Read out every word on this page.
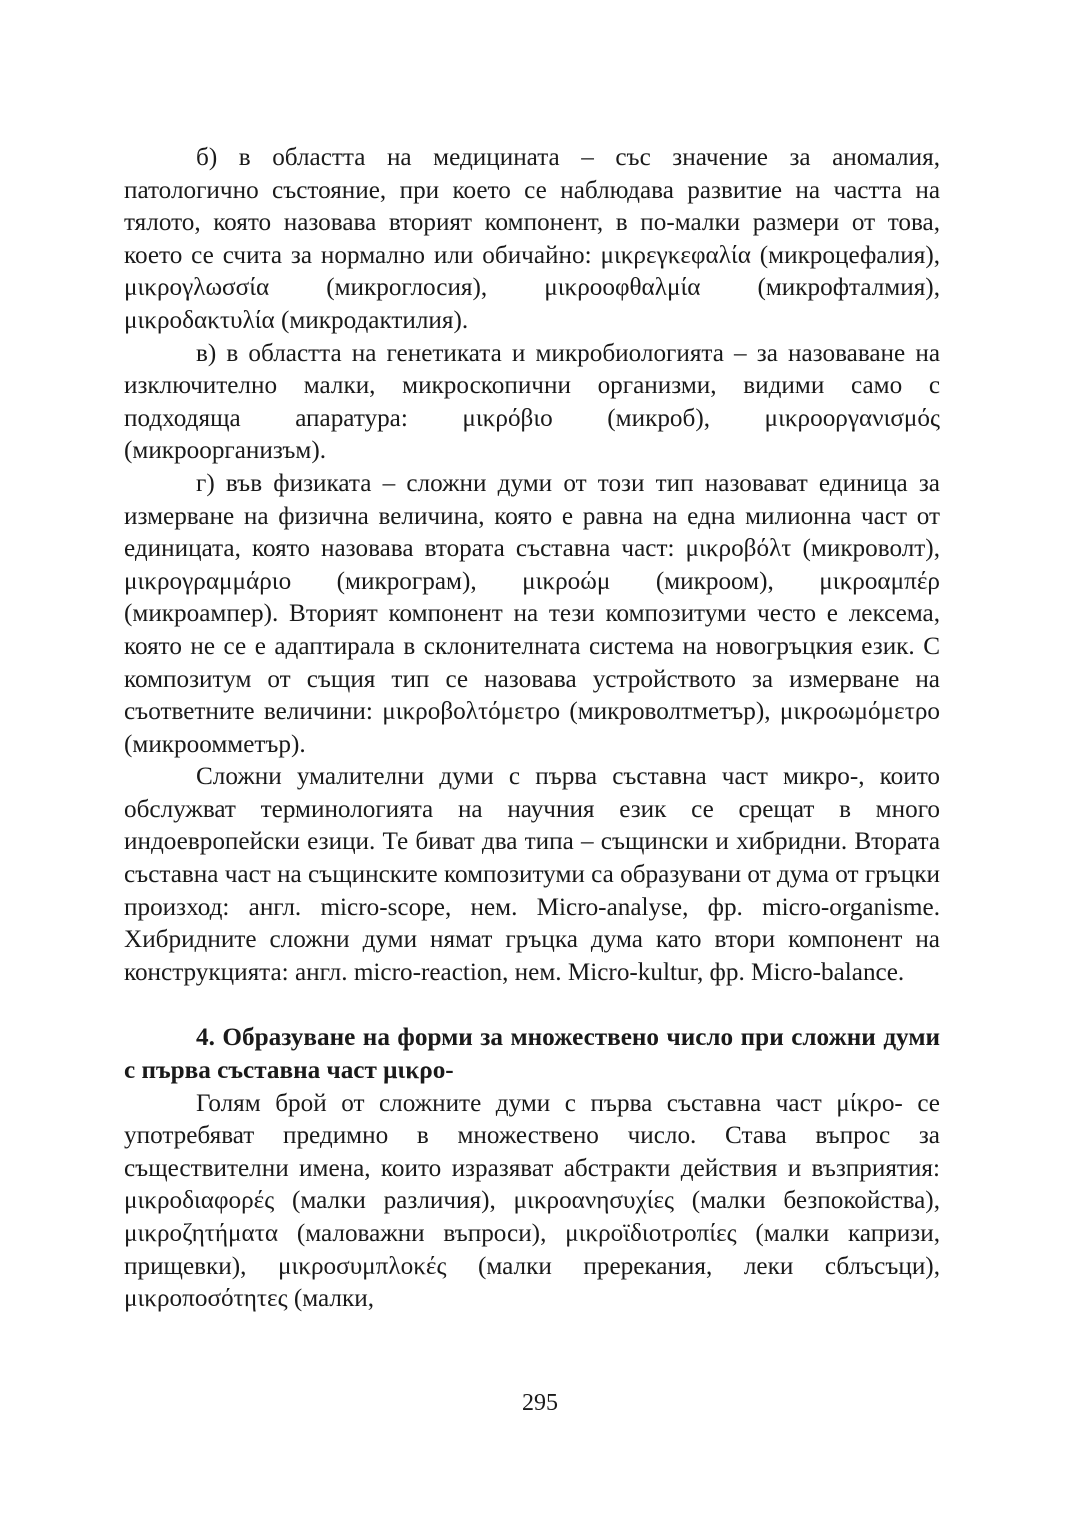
б) в областта на медицината – със значение за аномалия, патологично състояние, при което се наблюдава развитие на частта на тялото, която назовава вторият компонент, в по-малки размери от това, което се счита за нормално или обичайно: μικρεγκεφαλία (микроцефалия), μικρογλωσσία (микроглосия), μικροοφθαλμία (микрофталмия), μικροδακτυλία (микродактилия).

в) в областта на генетиката и микробиологията – за назоваване на изключително малки, микроскопични организми, видими само с подходяща апаратура: μικρόβιο (микроб), μικροοργανισμός (микроорганизъм).

г) във физиката – сложни думи от този тип назовават единица за измерване на физична величина, която е равна на една милионна част от единицата, която назовава втората съставна част: μικροβόλτ (микроволт), μικρογραμμάριο (микрограм), μικροώμ (микроом), μικροαμπέρ (микроампер). Вторият компонент на тези композитуми често е лексема, която не се е адаптирала в склонителната система на новогръцкия език. С композитум от същия тип се назовава устройството за измерване на съответните величини: μικροβολτόμετρο (микроволтметър), μικροωμόμετρο (микроомметър).

Сложни умалителни думи с първа съставна част микро-, които обслужват терминологията на научния език се срещат в много индоевропейски езици. Те биват два типа – същински и хибридни. Втората съставна част на същинските композитуми са образувани от дума от гръцки произход: англ. micro-scope, нем. Micro-analyse, фр. micro-organisme. Хибридните сложни думи нямат гръцка дума като втори компонент на конструкцията: англ. micro-reaction, нем. Micro-kultur, фр. Micro-balance.

4. Образуване на форми за множествено число при сложни думи с първа съставна част μικρο-

Голям брой от сложните думи с първа съставна част μίκρο- се употребяват предимно в множествено число. Става въпрос за съществителни имена, които изразяват абстракти действия и възприятия: μικροδιαφορές (малки различия), μικροανησυχίες (малки безпокойства), μικροζητήματα (маловажни въпроси), μικροϊδιοτροπίες (малки капризи, прищевки), μικροσυμπλοκές (малки пререкания, леки сблъсъци), μικροποσότητες (малки,

295
